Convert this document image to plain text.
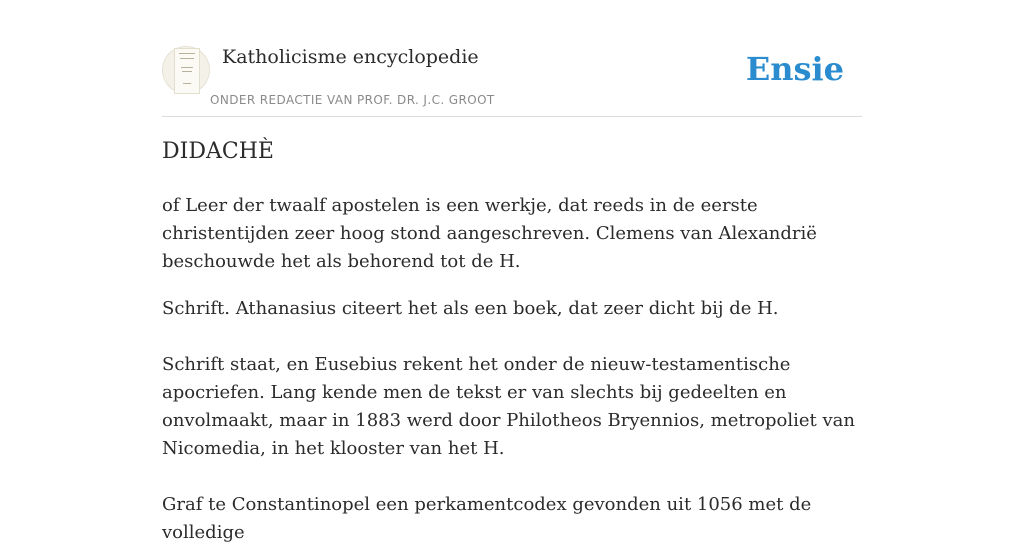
Katholicisme encyclopedie
ONDER REDACTIE VAN PROF. DR. J.C. GROOT
Ensie
DIDACHÈ

of Leer der twaalf apostelen is een werkje, dat reeds in de eerste christentijden zeer hoog stond aangeschreven. Clemens van Alexandrië beschouwde het als behorend tot de H.

Schrift. Athanasius citeert het als een boek, dat zeer dicht bij de H.

Schrift staat, en Eusebius rekent het onder de nieuw-testamentische apocriefen. Lang kende men de tekst er van slechts bij gedeelten en onvolmaakt, maar in 1883 werd door Philotheos Bryennios, metropoliet van Nicomedia, in het klooster van het H.

Graf te Constantinopel een perkamentcodex gevonden uit 1056 met de volledige
